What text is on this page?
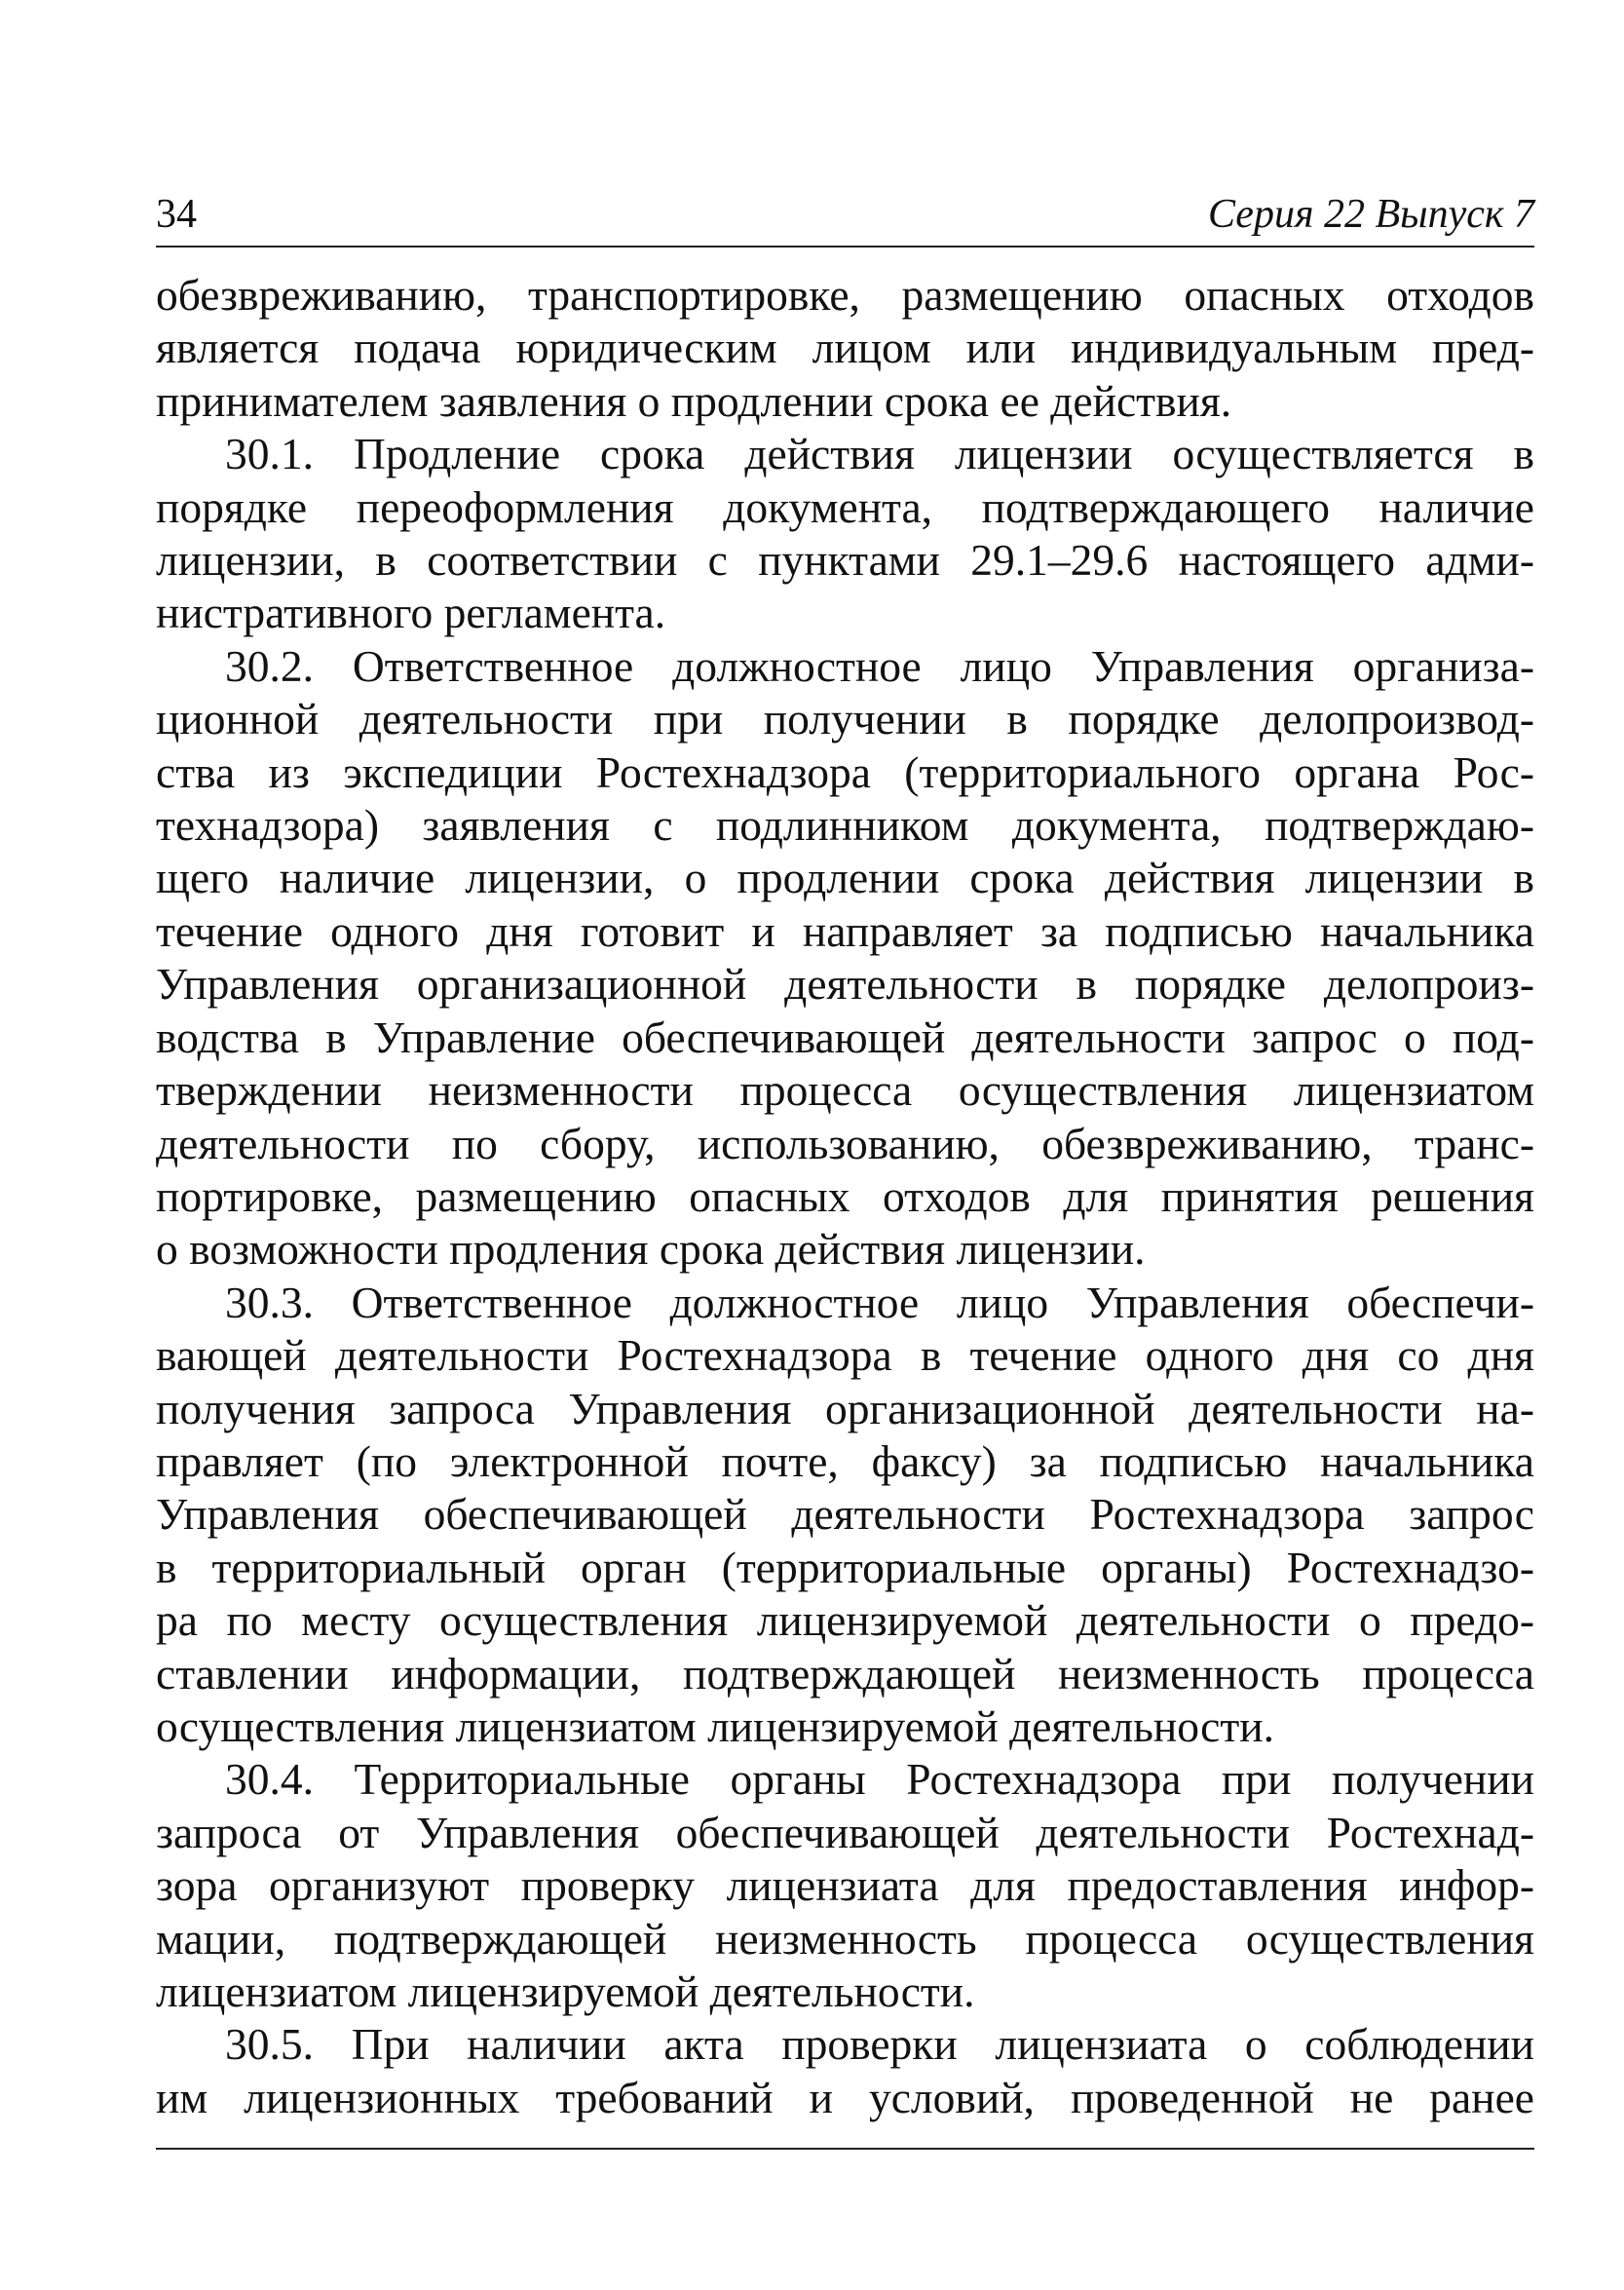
34	Серия 22 Выпуск 7
обезвреживанию, транспортировке, размещению опасных отходов
является подача юридическим лицом или индивидуальным пред-
принимателем заявления о продлении срока ее действия.
30.1. Продление срока действия лицензии осуществляется в
порядке переоформления документа, подтверждающего наличие
лицензии, в соответствии с пунктами 29.1–29.6 настоящего адми-
нистративного регламента.
30.2. Ответственное должностное лицо Управления организа-
ционной деятельности при получении в порядке делопроизвод-
ства из экспедиции Ростехнадзора (территориального органа Рос-
технадзора) заявления с подлинником документа, подтверждаю-
щего наличие лицензии, о продлении срока действия лицензии в
течение одного дня готовит и направляет за подписью начальника
Управления организационной деятельности в порядке делопроиз-
водства в Управление обеспечивающей деятельности запрос о под-
тверждении неизменности процесса осуществления лицензиатом
деятельности по сбору, использованию, обезвреживанию, транс-
портировке, размещению опасных отходов для принятия решения
о возможности продления срока действия лицензии.
30.3. Ответственное должностное лицо Управления обеспечи-
вающей деятельности Ростехнадзора в течение одного дня со дня
получения запроса Управления организационной деятельности на-
правляет (по электронной почте, факсу) за подписью начальника
Управления обеспечивающей деятельности Ростехнадзора запрос
в территориальный орган (территориальные органы) Ростехнадзо-
ра по месту осуществления лицензируемой деятельности о предо-
ставлении информации, подтверждающей неизменность процесса
осуществления лицензиатом лицензируемой деятельности.
30.4. Территориальные органы Ростехнадзора при получении
запроса от Управления обеспечивающей деятельности Ростехнад-
зора организуют проверку лицензиата для предоставления инфор-
мации, подтверждающей неизменность процесса осуществления
лицензиатом лицензируемой деятельности.
30.5. При наличии акта проверки лицензиата о соблюдении
им лицензионных требований и условий, проведенной не ранее
